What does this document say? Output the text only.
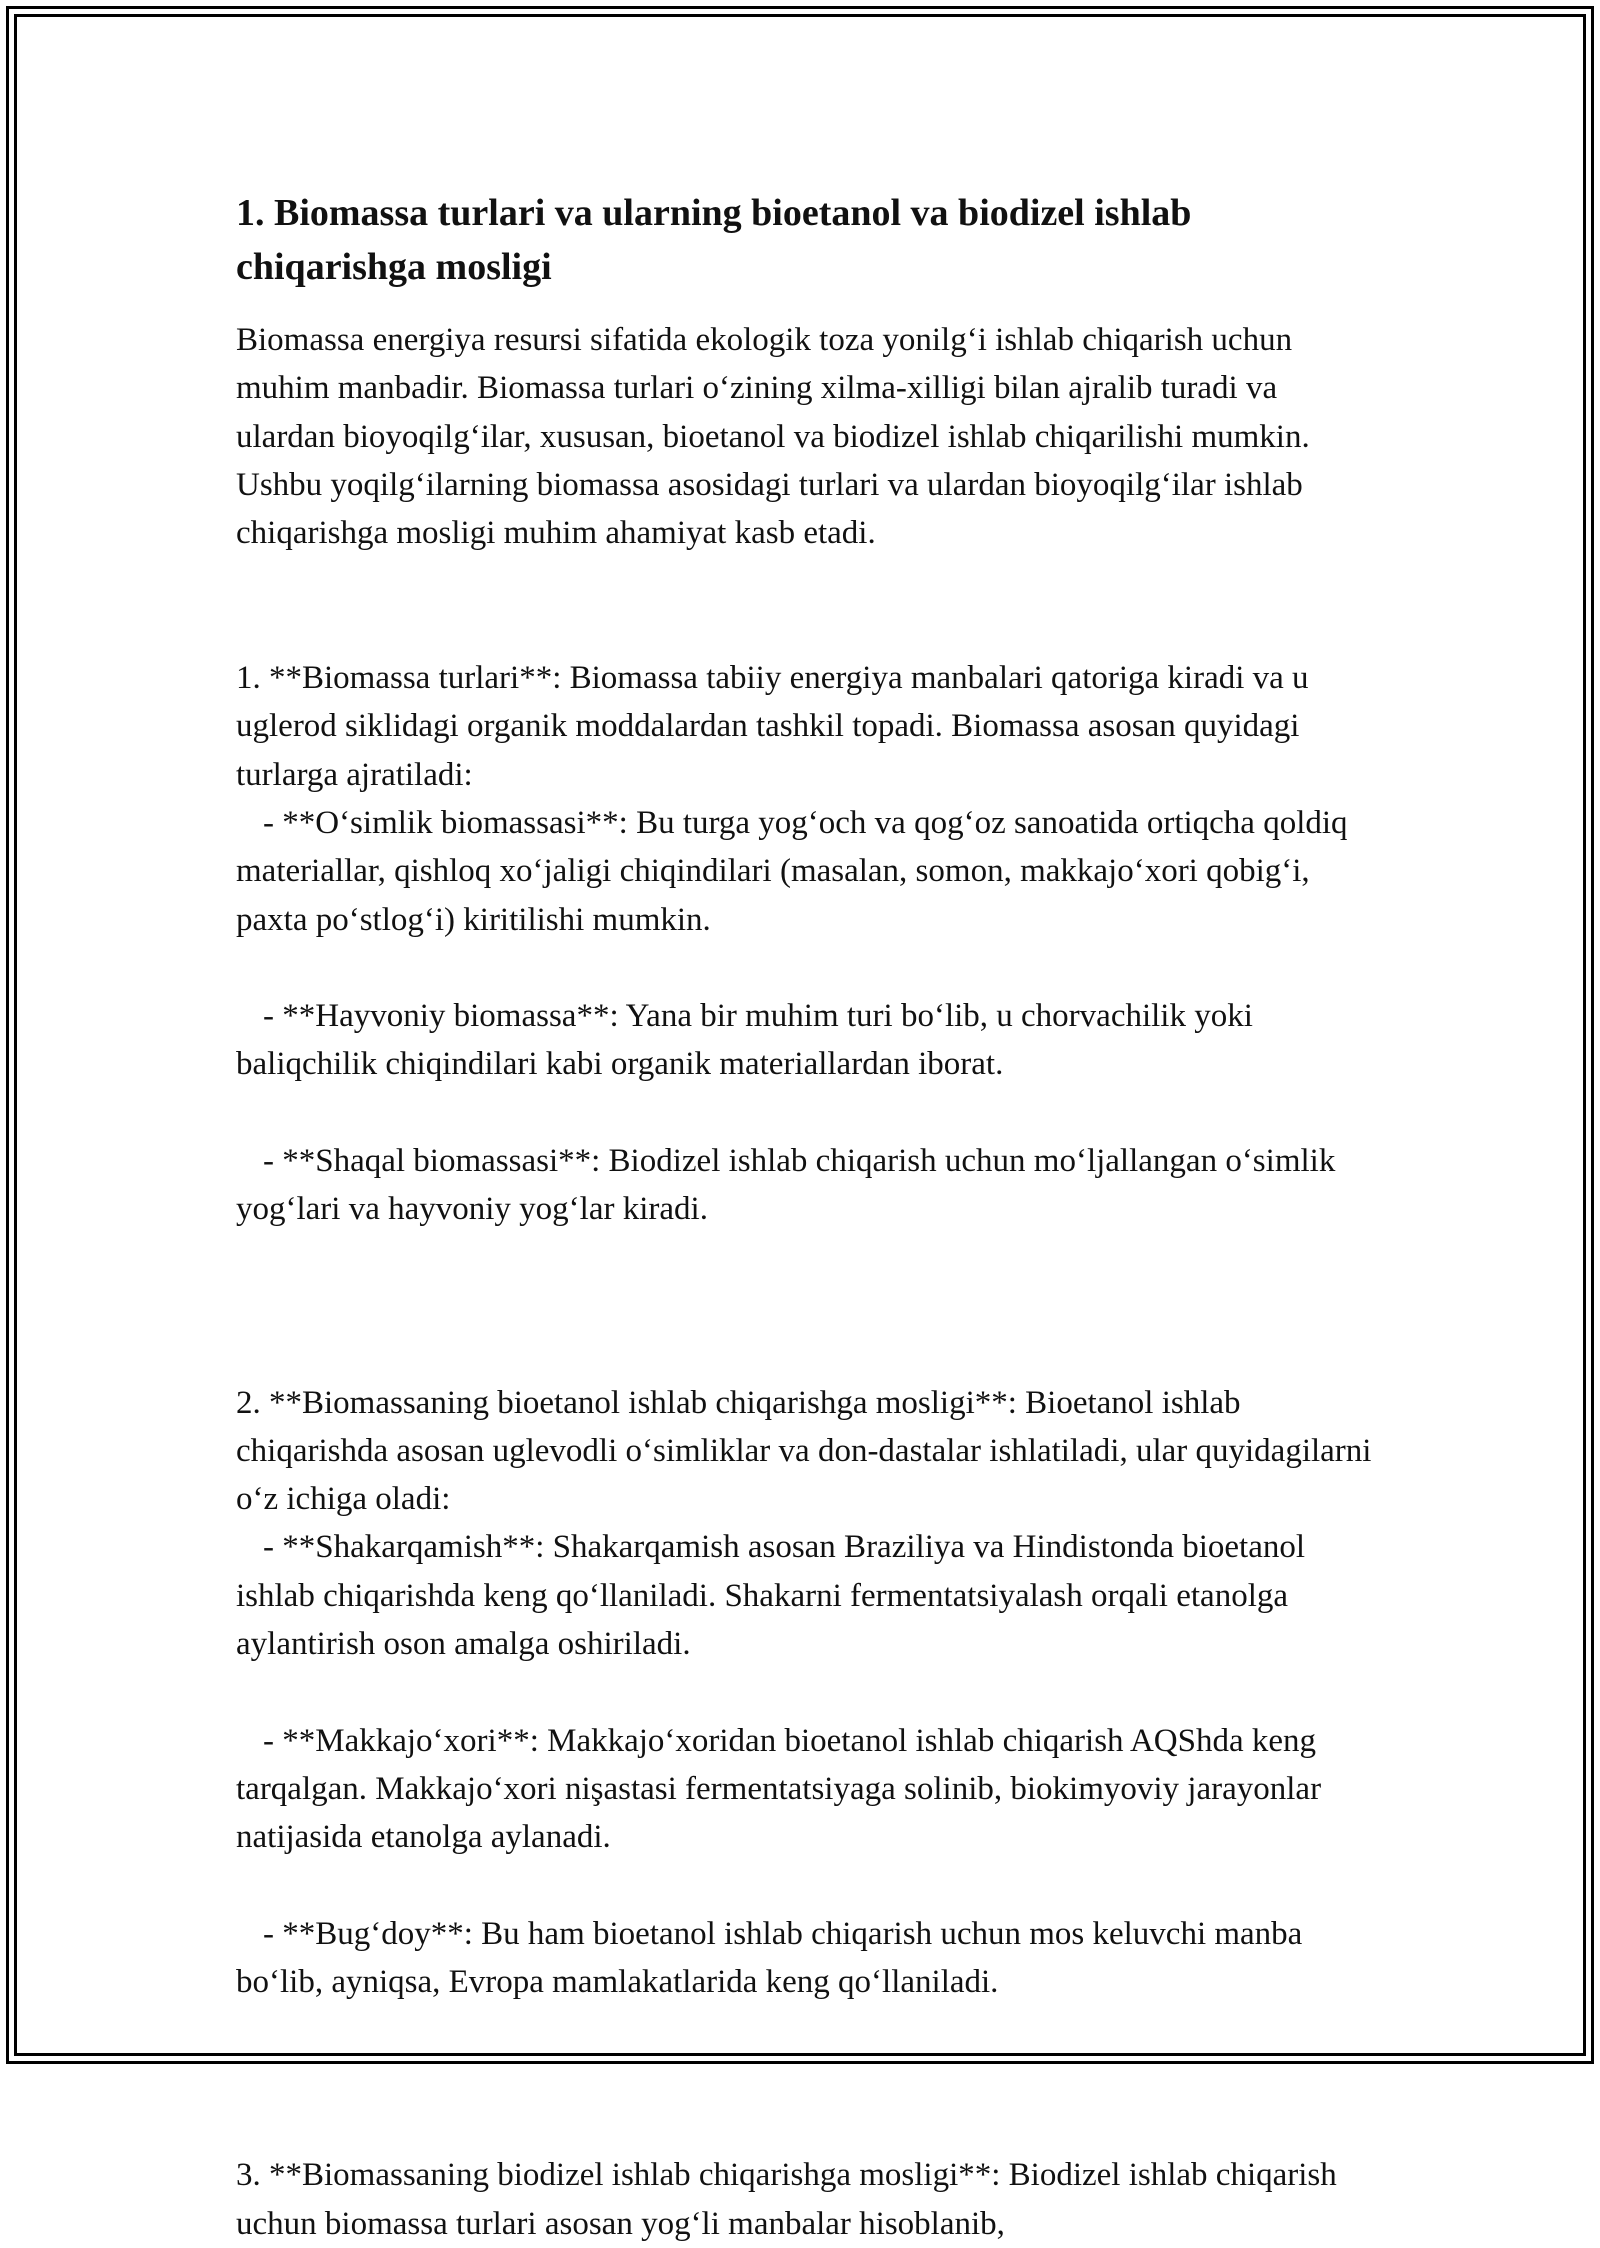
1. Biomassa turlari va ularning bioetanol va biodizel ishlab chiqarishga mosligi

Biomassa energiya resursi sifatida ekologik toza yonilg‘i ishlab chiqarish uchun muhim manbadir. Biomassa turlari o‘zining xilma-xilligi bilan ajralib turadi va ulardan bioyoqilg‘ilar, xususan, bioetanol va biodizel ishlab chiqarilishi mumkin. Ushbu yoqilg‘ilarning biomassa asosidagi turlari va ulardan bioyoqilg‘ilar ishlab chiqarishga mosligi muhim ahamiyat kasb etadi.

1. **Biomassa turlari**: Biomassa tabiiy energiya manbalari qatoriga kiradi va u uglerod siklidagi organik moddalardan tashkil topadi. Biomassa asosan quyidagi turlarga ajratiladi:

- **O‘simlik biomassasi**: Bu turga yog‘och va qog‘oz sanoatida ortiqcha qoldiq materiallar, qishloq xo‘jaligi chiqindilari (masalan, somon, makkajo‘xori qobig‘i, paxta po‘stlog‘i) kiritilishi mumkin.

- **Hayvoniy biomassa**: Yana bir muhim turi bo‘lib, u chorvachilik yoki baliqchilik chiqindilari kabi organik materiallardan iborat.

- **Shaqal biomassasi**: Biodizel ishlab chiqarish uchun mo‘ljallangan o‘simlik yog‘lari va hayvoniy yog‘lar kiradi.

2. **Biomassaning bioetanol ishlab chiqarishga mosligi**: Bioetanol ishlab chiqarishda asosan uglevodli o‘simliklar va don-dastalar ishlatiladi, ular quyidagilarni o‘z ichiga oladi:

- **Shakarqamish**: Shakarqamish asosan Braziliya va Hindistonda bioetanol ishlab chiqarishda keng qo‘llaniladi. Shakarni fermentatsiyalash orqali etanolga aylantirish oson amalga oshiriladi.

- **Makkajo‘xori**: Makkajo‘xoridan bioetanol ishlab chiqarish AQShda keng tarqalgan. Makkajo‘xori nişastasi fermentatsiyaga solinib, biokimyoviy jarayonlar natijasida etanolga aylanadi.

- **Bug‘doy**: Bu ham bioetanol ishlab chiqarish uchun mos keluvchi manba bo‘lib, ayniqsa, Evropa mamlakatlarida keng qo‘llaniladi.

3. **Biomassaning biodizel ishlab chiqarishga mosligi**: Biodizel ishlab chiqarish uchun biomassa turlari asosan yog‘li manbalar hisoblanib,
